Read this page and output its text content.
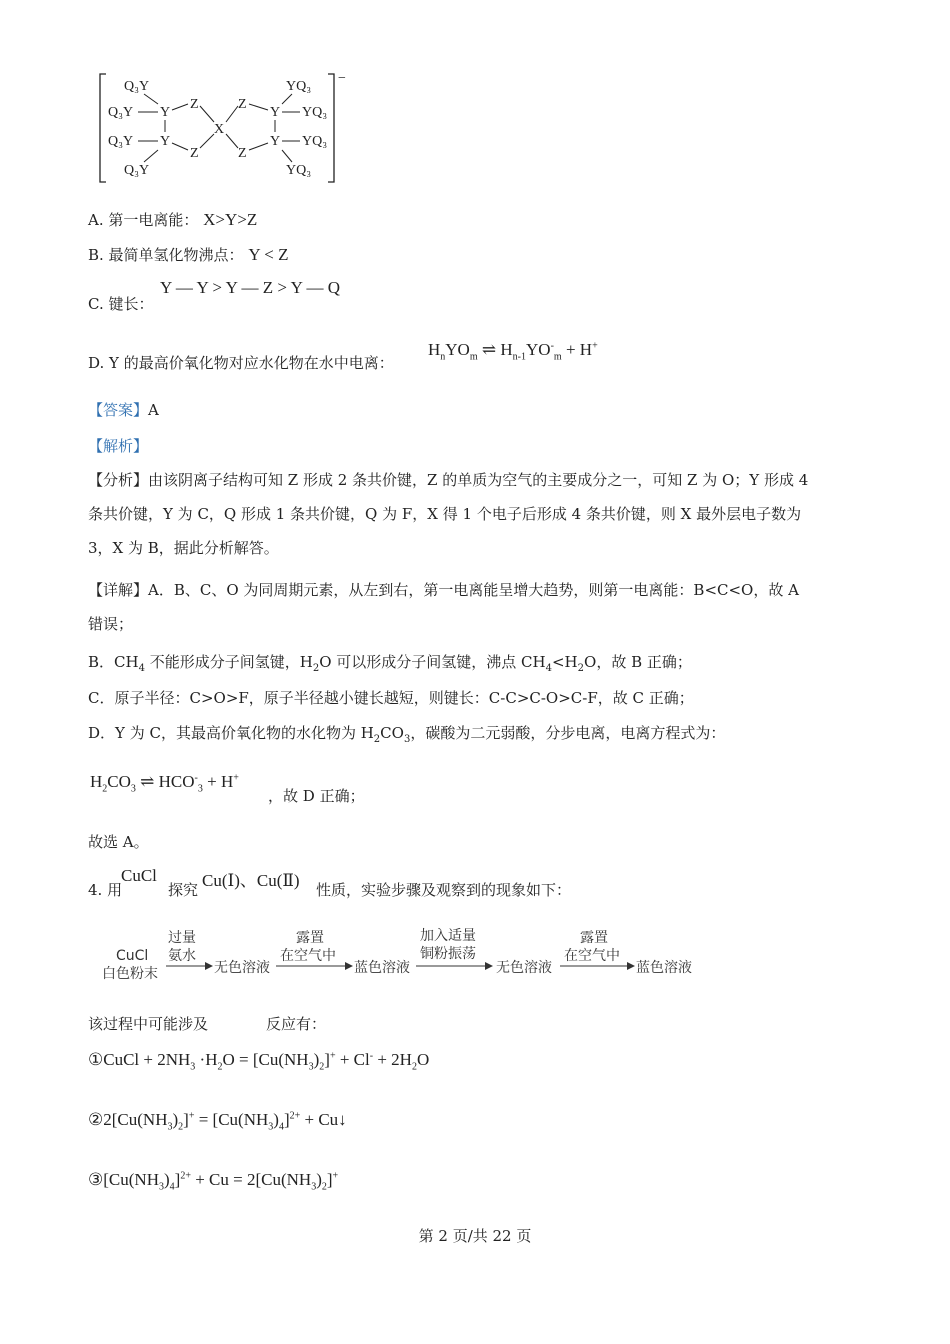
−
Q₃Y
Q₃Y
Q₃Y
Q₃Y
Y
Y
Z
Z
X
Z
Z
Y
Y
YQ₃
YQ₃
YQ₃
YQ₃
A. 第一电离能： X>Y>Z
B. 最简单氢化物沸点： Y < Z
Y — Y > Y — Z > Y — Q
C. 键长：
D. Y 的最高价氧化物对应水化物在水中电离：
$H_nYO_m$ ⇌ $H_{n-1}YO^-_m + H^+$
【答案】A
【解析】
【分析】由该阴离子结构可知 Z 形成 2 条共价键，Z 的单质为空气的主要成分之一，可知 Z 为 O；Y 形成 4
条共价键，Y 为 C，Q 形成 1 条共价键，Q 为 F，X 得 1 个电子后形成 4 条共价键，则 X 最外层电子数为
3，X 为 B，据此分析解答。
【详解】A．B、C、O 为同周期元素，从左到右，第一电离能呈增大趋势，则第一电离能：B<C<O，故 A
错误；
B．$CH_4$ 不能形成分子间氢键，$H_2O$ 可以形成分子间氢键，沸点 $CH_4<H_2O$，故 B 正确；
C．原子半径：C>O>F，原子半径越小键长越短，则键长：C-C>C-O>C-F，故 C 正确；
D．Y 为 C，其最高价氧化物的水化物为 $H_2CO_3$，碳酸为二元弱酸，分步电离，电离方程式为：
$H_2CO_3$ ⇌ $HCO^-_3 + H^+$
，故 D 正确；
故选 A。
4. 用
CuCl
探究 Cu(Ⅰ)、Cu(Ⅱ) 性质，实验步骤及观察到的现象如下：
CuCl
白色粉末
过量
氨水
无色溶液
露置
在空气中
蓝色溶液
加入适量
铜粉振荡
无色溶液
露置
在空气中
蓝色溶液
该过程中可能涉及	反应有：
①CuCl + $2NH_3 \cdot H_2O = [Cu(NH_3)_2]^+ + Cl^- + 2H_2O$
$②2[Cu(NH_3)_2]^+ = [Cu(NH_3)_4]^{2+}$ + Cu↓
$③[Cu(NH_3)_4]^{2+} + Cu = 2[Cu(NH_3)_2]^+$
第 2 页/共 22 页
